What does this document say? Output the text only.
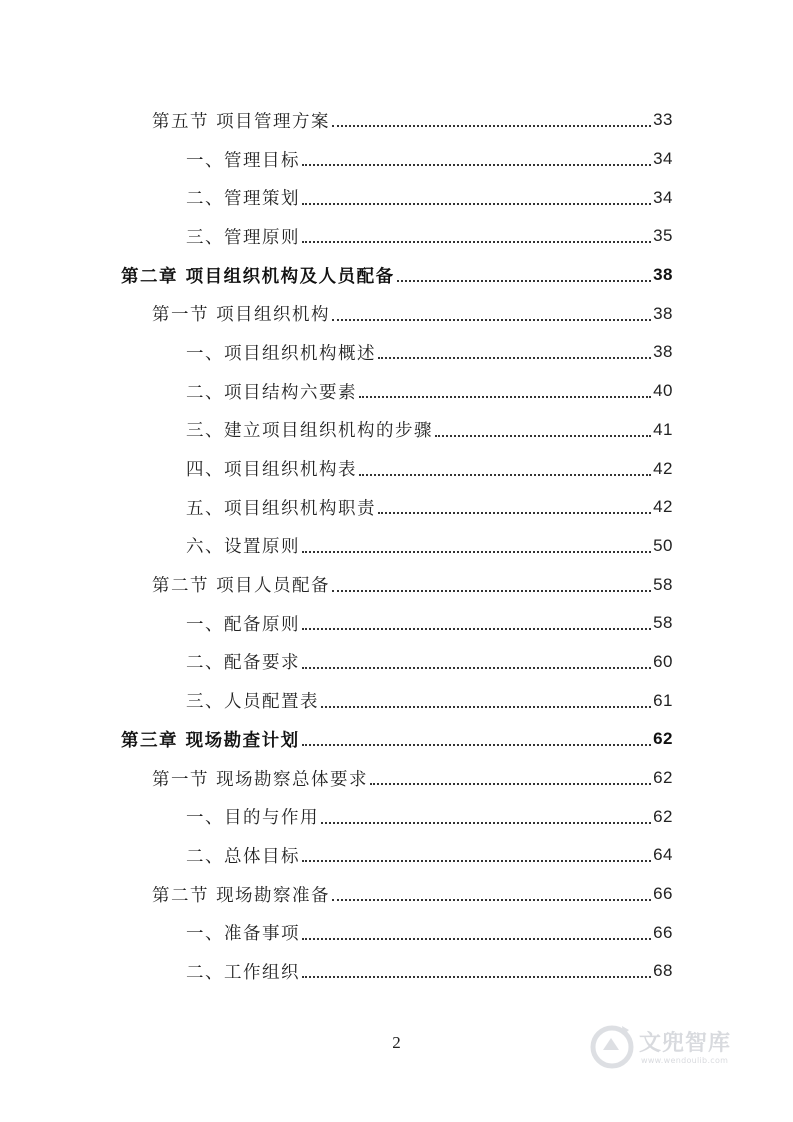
第五节 项目管理方案	33
一、管理目标	34
二、管理策划	34
三、管理原则	35
第二章 项目组织机构及人员配备	38
第一节 项目组织机构	38
一、项目组织机构概述	38
二、项目结构六要素	40
三、建立项目组织机构的步骤	41
四、项目组织机构表	42
五、项目组织机构职责	42
六、设置原则	50
第二节 项目人员配备	58
一、配备原则	58
二、配备要求	60
三、人员配置表	61
第三章 现场勘查计划	62
第一节 现场勘察总体要求	62
一、目的与作用	62
二、总体目标	64
第二节 现场勘察准备	66
一、准备事项	66
二、工作组织	68
2	文兜智库
www.wendoulib.com
